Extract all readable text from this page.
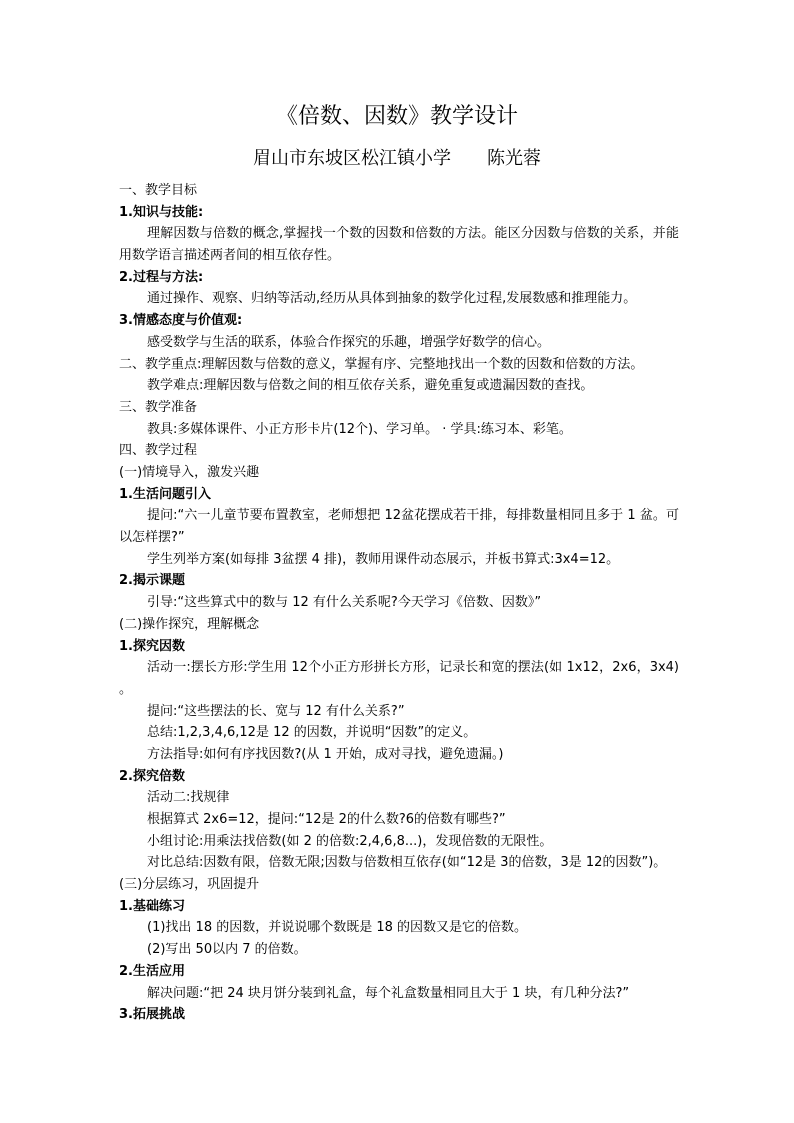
《倍数、因数》教学设计
眉山市东坡区松江镇小学 陈光蓉
一、教学目标
1.知识与技能:
理解因数与倍数的概念,掌握找一个数的因数和倍数的方法。能区分因数与倍数的关系，并能用数学语言描述两者间的相互依存性。
2.过程与方法:
通过操作、观察、归纳等活动,经历从具体到抽象的数学化过程,发展数感和推理能力。
3.情感态度与价值观:
感受数学与生活的联系，体验合作探究的乐趣，增强学好数学的信心。
二、教学重点:理解因数与倍数的意义，掌握有序、完整地找出一个数的因数和倍数的方法。
教学难点:理解因数与倍数之间的相互依存关系，避免重复或遗漏因数的查找。
三、教学准备
教具:多媒体课件、小正方形卡片(12个)、学习单。 · 学具:练习本、彩笔。
四、教学过程
(一)情境导入，激发兴趣
1.生活问题引入
提问:“六一儿童节要布置教室，老师想把 12盆花摆成若干排，每排数量相同且多于 1 盆。可以怎样摆?”
学生列举方案(如每排 3盆摆 4 排)，教师用课件动态展示，并板书算式:3x4=12。
2.揭示课题
引导:“这些算式中的数与 12 有什么关系呢?今天学习《倍数、因数》”
(二)操作探究，理解概念
1.探究因数
活动一:摆长方形:学生用 12个小正方形拼长方形，记录长和宽的摆法(如 1x12，2x6，3x4) 。
提问:“这些摆法的长、宽与 12 有什么关系?”
总结:1,2,3,4,6,12是 12 的因数，并说明“因数”的定义。
方法指导:如何有序找因数?(从 1 开始，成对寻找，避免遗漏。)
2.探究倍数
活动二:找规律
根据算式 2x6=12，提问:“12是 2的什么数?6的倍数有哪些?”
小组讨论:用乘法找倍数(如 2 的倍数:2,4,6,8...)，发现倍数的无限性。
对比总结:因数有限，倍数无限;因数与倍数相互依存(如“12是 3的倍数，3是 12的因数”)。
(三)分层练习，巩固提升
1.基础练习
(1)找出 18 的因数，并说说哪个数既是 18 的因数又是它的倍数。
(2)写出 50以内 7 的倍数。
2.生活应用
解决问题:“把 24 块月饼分装到礼盒，每个礼盒数量相同且大于 1 块，有几种分法?”
3.拓展挑战
